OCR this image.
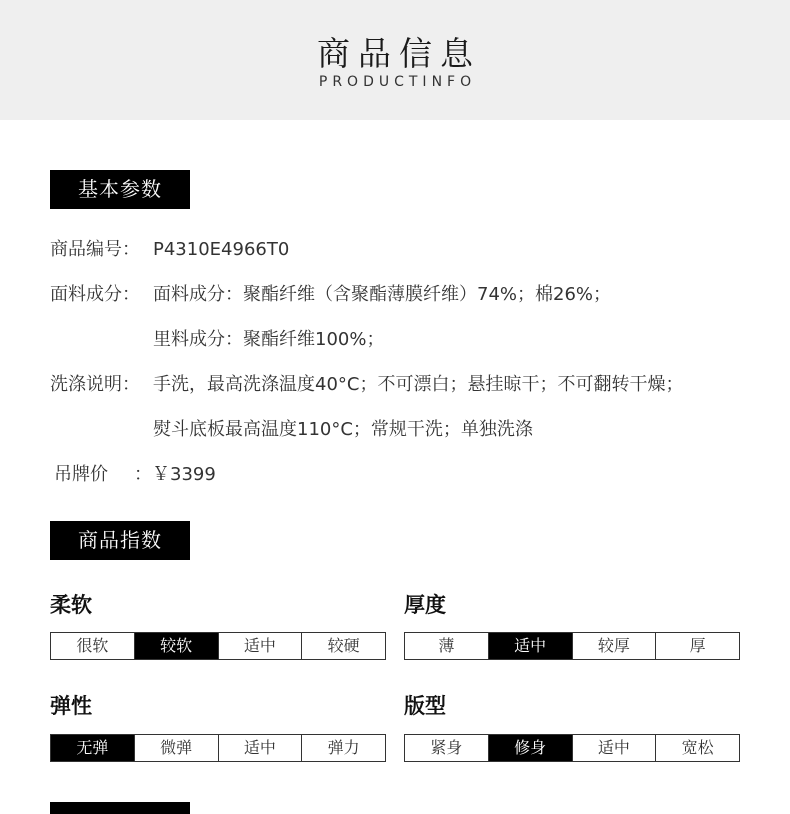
商品信息
PRODUCTINFO
基本参数
商品编号： P4310E4966T0
面料成分： 面料成分：聚酯纤维（含聚酯薄膜纤维）74%；棉26%；
里料成分：聚酯纤维100%；
洗涤说明： 手洗，最高洗涤温度40°C；不可漂白；悬挂晾干；不可翻转干燥；
熨斗底板最高温度110°C；常规干洗；单独洗涤
吊牌价 ：￥3399
商品指数
柔软
很软	较软	适中	较硬
厚度
薄	适中	较厚	厚
弹性
无弹	微弹	适中	弹力
版型
紧身	修身	适中	宽松
